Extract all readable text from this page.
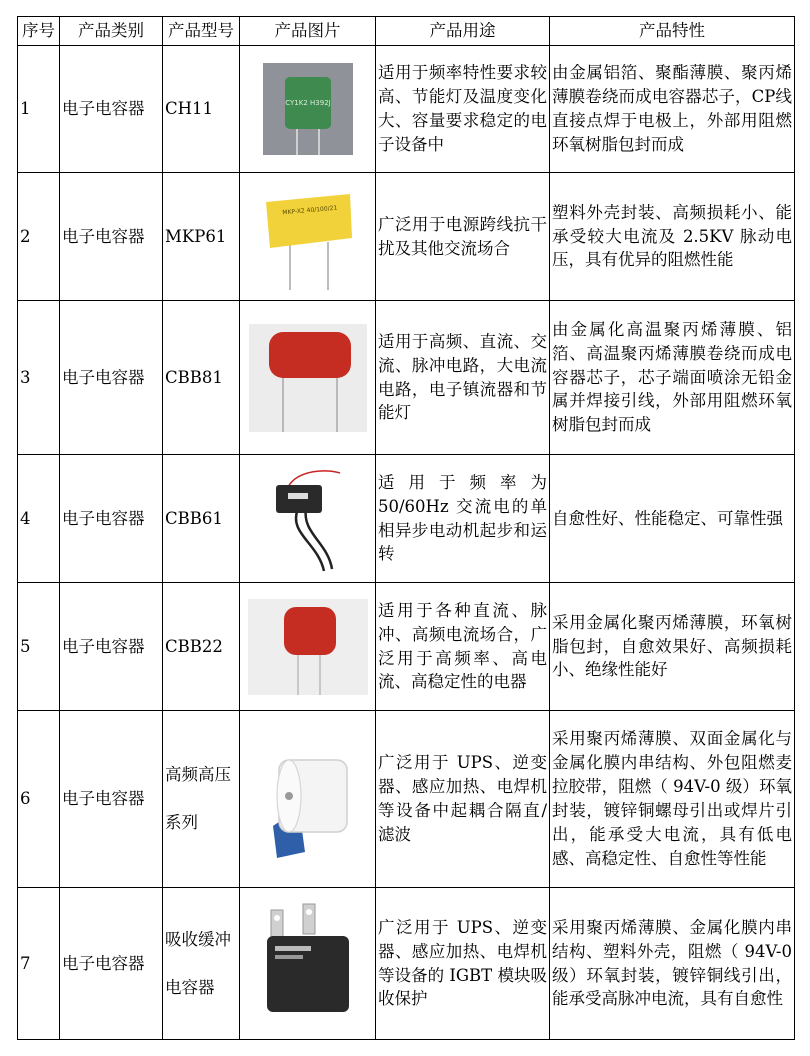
序号	产品类别	产品型号	产品图片	产品用途	产品特性
1	电子电容器	CH11	CY1K2 H392J	适用于频率特性要求较高、节能灯及温度变化大、容量要求稳定的电子设备中	由金属铝箔、聚酯薄膜、聚丙烯薄膜卷绕而成电容器芯子，CP线直接点焊于电极上，外部用阻燃环氧树脂包封而成
2	电子电容器	MKP61	MKP-X2 40/100/21	广泛用于电源跨线抗干扰及其他交流场合	塑料外壳封装、高频损耗小、能承受较大电流及 2.5KV 脉动电压，具有优异的阻燃性能
3	电子电容器	CBB81		适用于高频、直流、交流、脉冲电路，大电流电路，电子镇流器和节能灯	由金属化高温聚丙烯薄膜、铝箔、高温聚丙烯薄膜卷绕而成电容器芯子，芯子端面喷涂无铅金属并焊接引线，外部用阻燃环氧树脂包封而成
4	电子电容器	CBB61		适用于频率为50/60Hz 交流电的单相异步电动机起步和运转	自愈性好、性能稳定、可靠性强
5	电子电容器	CBB22		适用于各种直流、脉冲、高频电流场合，广泛用于高频率、高电流、高稳定性的电器	采用金属化聚丙烯薄膜，环氧树 脂包封，自愈效果好、高频损耗 小、绝缘性能好
6	电子电容器	高频高压系列		广泛用于 UPS、逆变器、感应加热、电焊机等设备中起耦合隔直/滤波	采用聚丙烯薄膜、双面金属化与 金属化膜内串结构、外包阻燃麦 拉胶带，阻燃（ 94V-0 级）环氧 封装，镀锌铜螺母引出或焊片引 出，能承受大电流，具有低电感、高稳定性、自愈性等性能
7	电子电容器	吸收缓冲电容器		广泛用于 UPS、逆变器、感应加热、电焊机等设备的 IGBT 模块吸收保护	采用聚丙烯薄膜、金属化膜内串 结构、塑料外壳，阻燃（ 94V-0 级）环氧封装，镀锌铜线引出， 能承受高脉冲电流，具有自愈性
